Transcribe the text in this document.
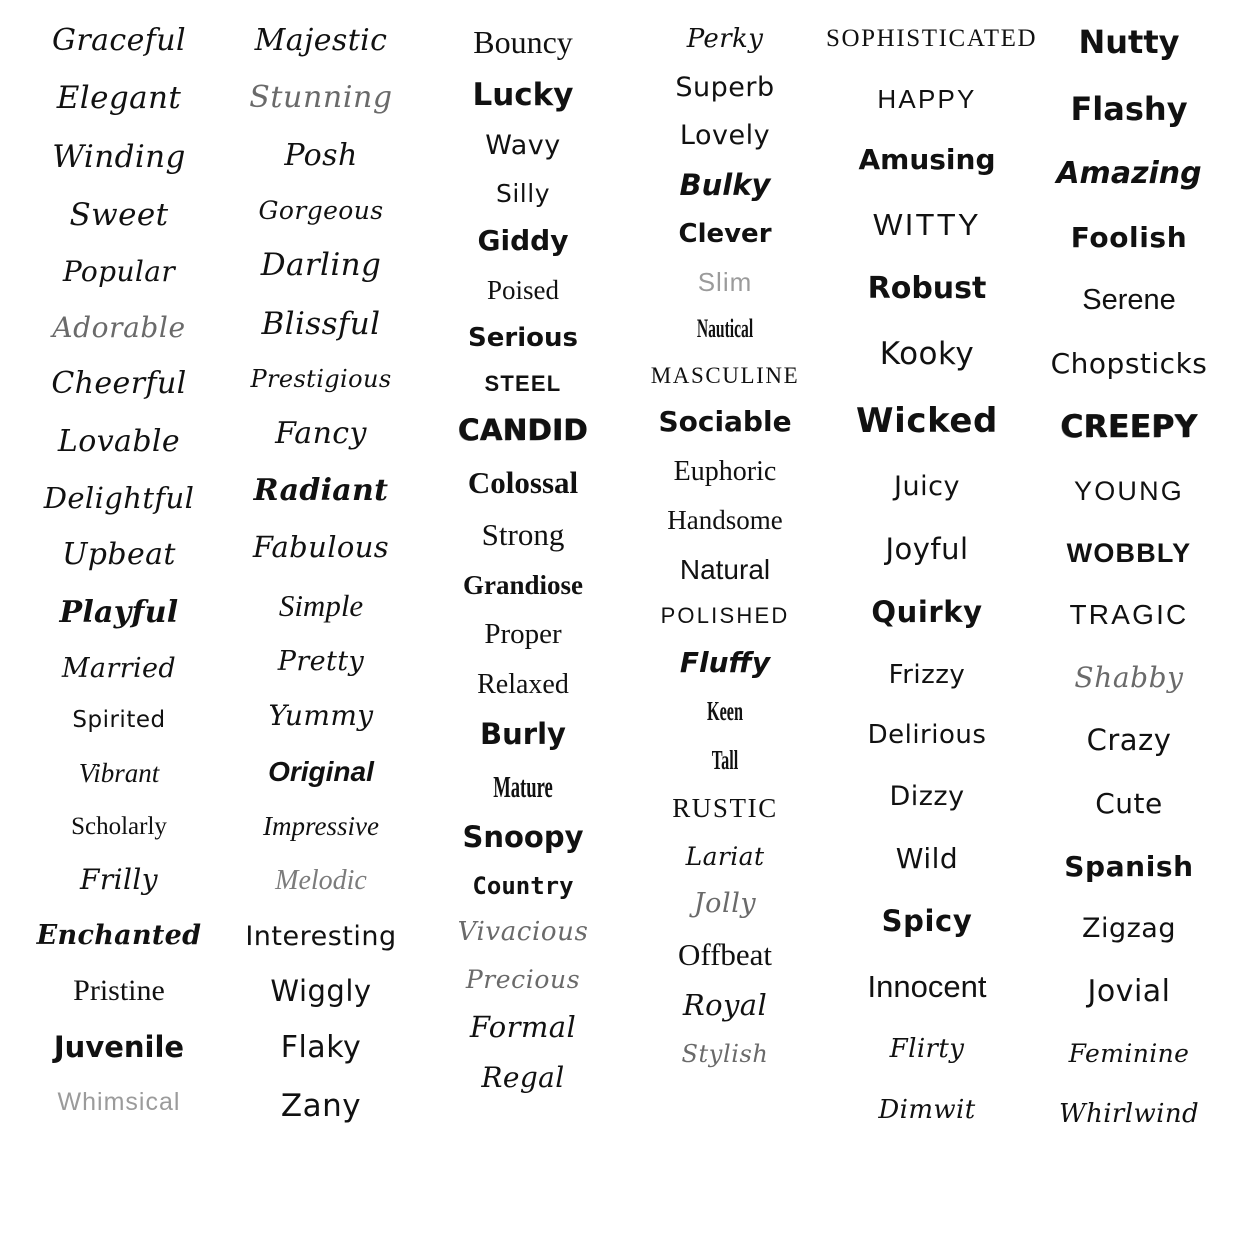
Graceful
Elegant
Winding
Sweet
Popular
Adorable
Cheerful
Lovable
Delightful
Upbeat
Playful
Married
Spirited
Vibrant
Scholarly
Frilly
Enchanted
Pristine
Juvenile
Whimsical
Majestic
Stunning
Posh
Gorgeous
Darling
Blissful
Prestigious
Fancy
Radiant
Fabulous
Simple
Pretty
Yummy
Original
Impressive
Melodic
Interesting
Wiggly
Flaky
Zany
Bouncy
Lucky
Wavy
Silly
Giddy
Poised
Serious
STEEL
CANDID
Colossal
Strong
Grandiose
Proper
Relaxed
Burly
Mature
Snoopy
Country
Vivacious
Precious
Formal
Regal
Perky
Superb
Lovely
Bulky
Clever
Slim
Nautical
MASCULINE
Sociable
Euphoric
Handsome
Natural
POLISHED
Fluffy
Keen
Tall
RUSTIC
Lariat
Jolly
Offbeat
Royal
Stylish
SOPHISTICATED
HAPPY
Amusing
WITTY
Robust
Kooky
Wicked
Juicy
Joyful
Quirky
Frizzy
Delirious
Dizzy
Wild
Spicy
Innocent
Flirty
Dimwit
Nutty
Flashy
Amazing
Foolish
Serene
Chopsticks
CREEPY
YOUNG
WOBBLY
TRAGIC
Shabby
Crazy
Cute
Spanish
Zigzag
Jovial
Feminine
Whirlwind
